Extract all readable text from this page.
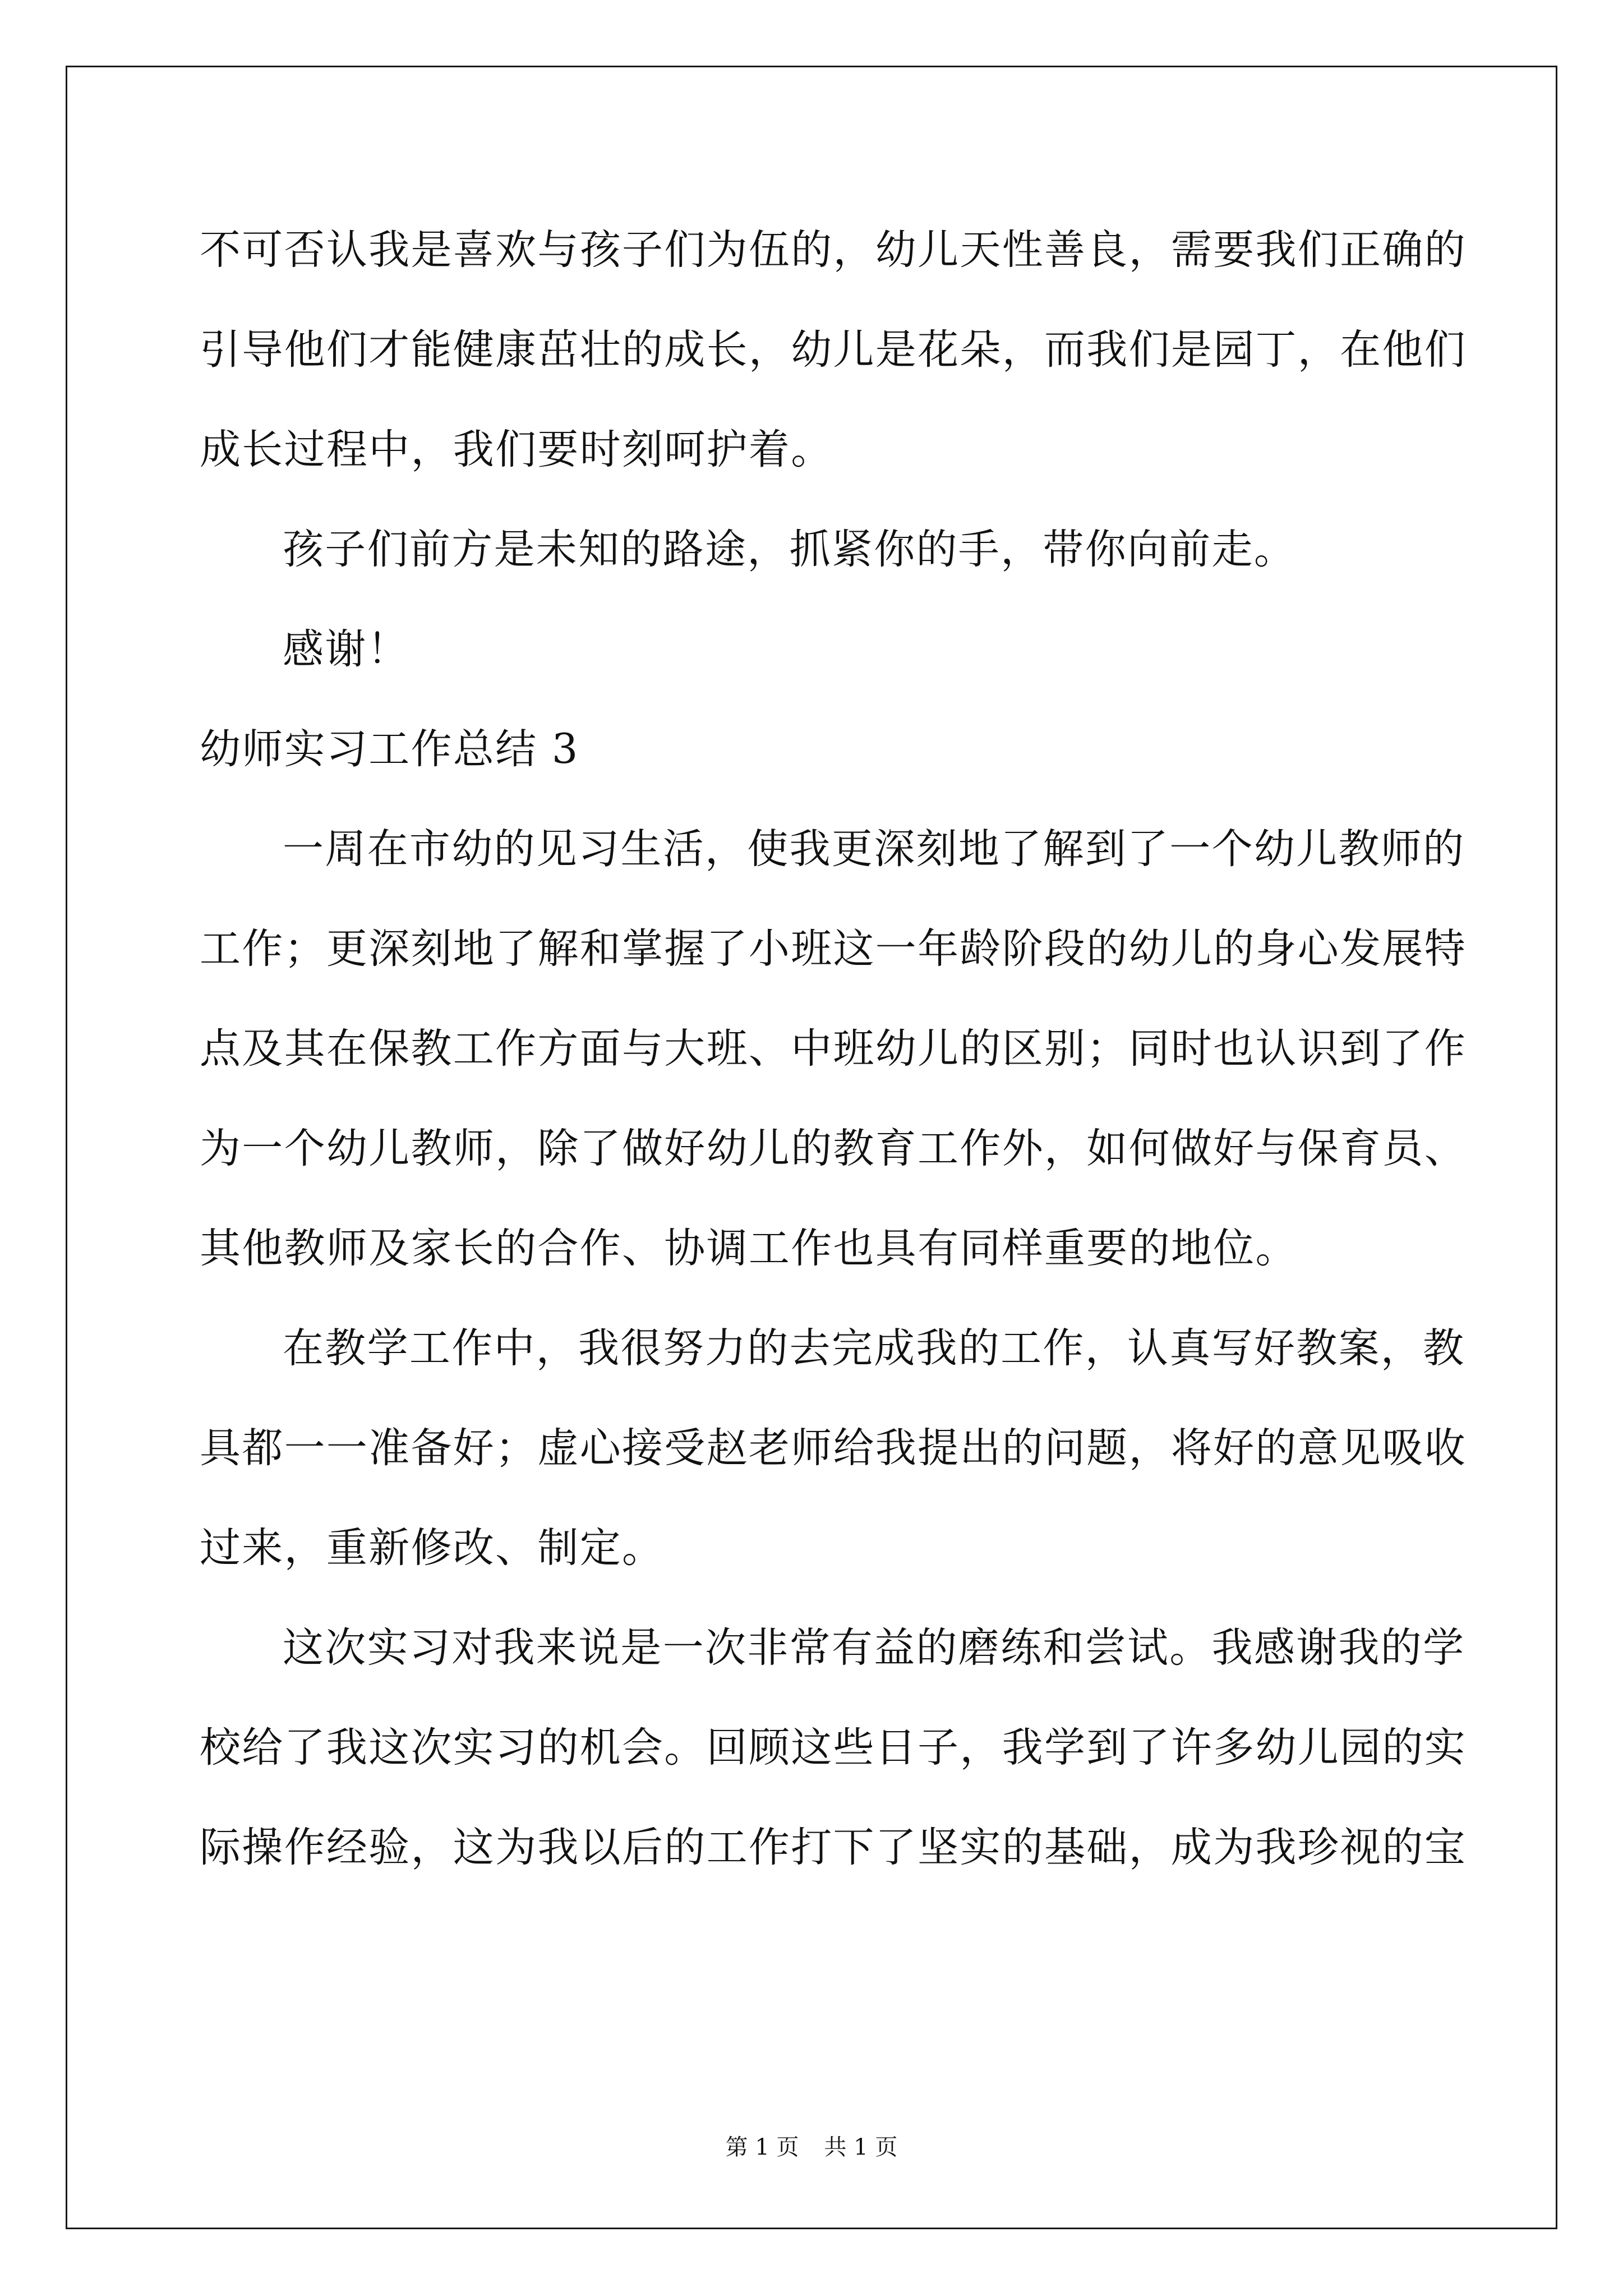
不可否认我是喜欢与孩子们为伍的，幼儿天性善良，需要我们正确的
引导他们才能健康茁壮的成长，幼儿是花朵，而我们是园丁，在他们
成长过程中，我们要时刻呵护着。
孩子们前方是未知的路途，抓紧你的手，带你向前走。
感谢！
幼师实习工作总结 3
一周在市幼的见习生活，使我更深刻地了解到了一个幼儿教师的
工作；更深刻地了解和掌握了小班这一年龄阶段的幼儿的身心发展特
点及其在保教工作方面与大班、中班幼儿的区别；同时也认识到了作
为一个幼儿教师，除了做好幼儿的教育工作外，如何做好与保育员、
其他教师及家长的合作、协调工作也具有同样重要的地位。
在教学工作中，我很努力的去完成我的工作，认真写好教案，教
具都一一准备好；虚心接受赵老师给我提出的问题，将好的意见吸收
过来，重新修改、制定。
这次实习对我来说是一次非常有益的磨练和尝试。我感谢我的学
校给了我这次实习的机会。回顾这些日子，我学到了许多幼儿园的实
际操作经验，这为我以后的工作打下了坚实的基础，成为我珍视的宝
第 1 页 共 1 页
